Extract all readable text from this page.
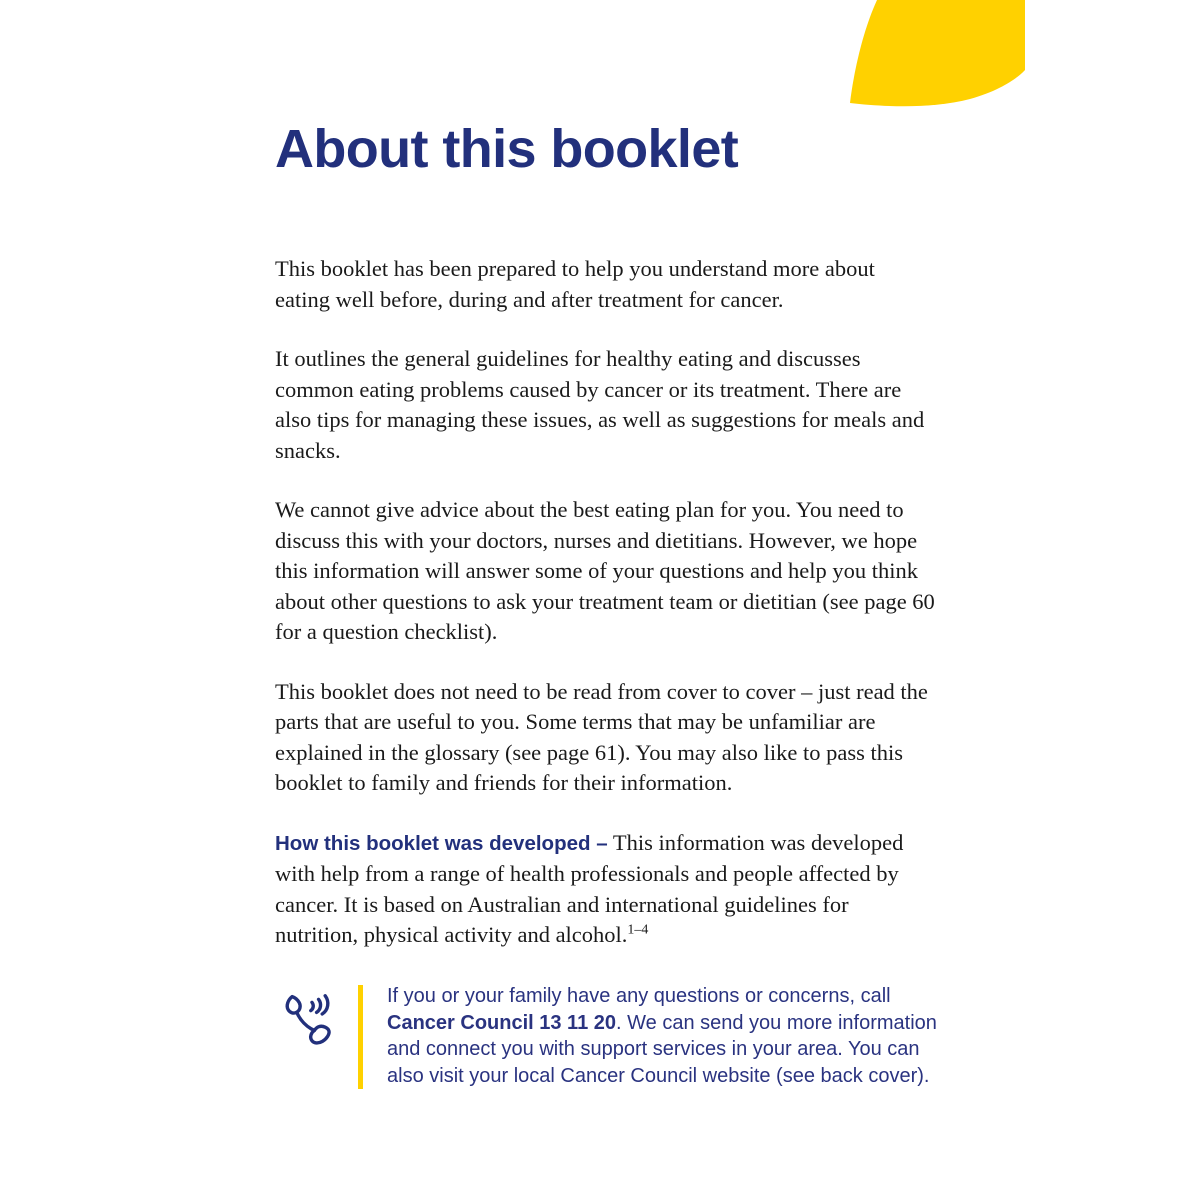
About this booklet

This booklet has been prepared to help you understand more about eating well before, during and after treatment for cancer.

It outlines the general guidelines for healthy eating and discusses common eating problems caused by cancer or its treatment. There are also tips for managing these issues, as well as suggestions for meals and snacks.

We cannot give advice about the best eating plan for you. You need to discuss this with your doctors, nurses and dietitians. However, we hope this information will answer some of your questions and help you think about other questions to ask your treatment team or dietitian (see page 60 for a question checklist).

This booklet does not need to be read from cover to cover – just read the parts that are useful to you. Some terms that may be unfamiliar are explained in the glossary (see page 61). You may also like to pass this booklet to family and friends for their information.

How this booklet was developed – This information was developed with help from a range of health professionals and people affected by cancer. It is based on Australian and international guidelines for nutrition, physical activity and alcohol.$^{1-4}$

If you or your family have any questions or concerns, call Cancer Council 13 11 20. We can send you more information and connect you with support services in your area. You can also visit your local Cancer Council website (see back cover).
